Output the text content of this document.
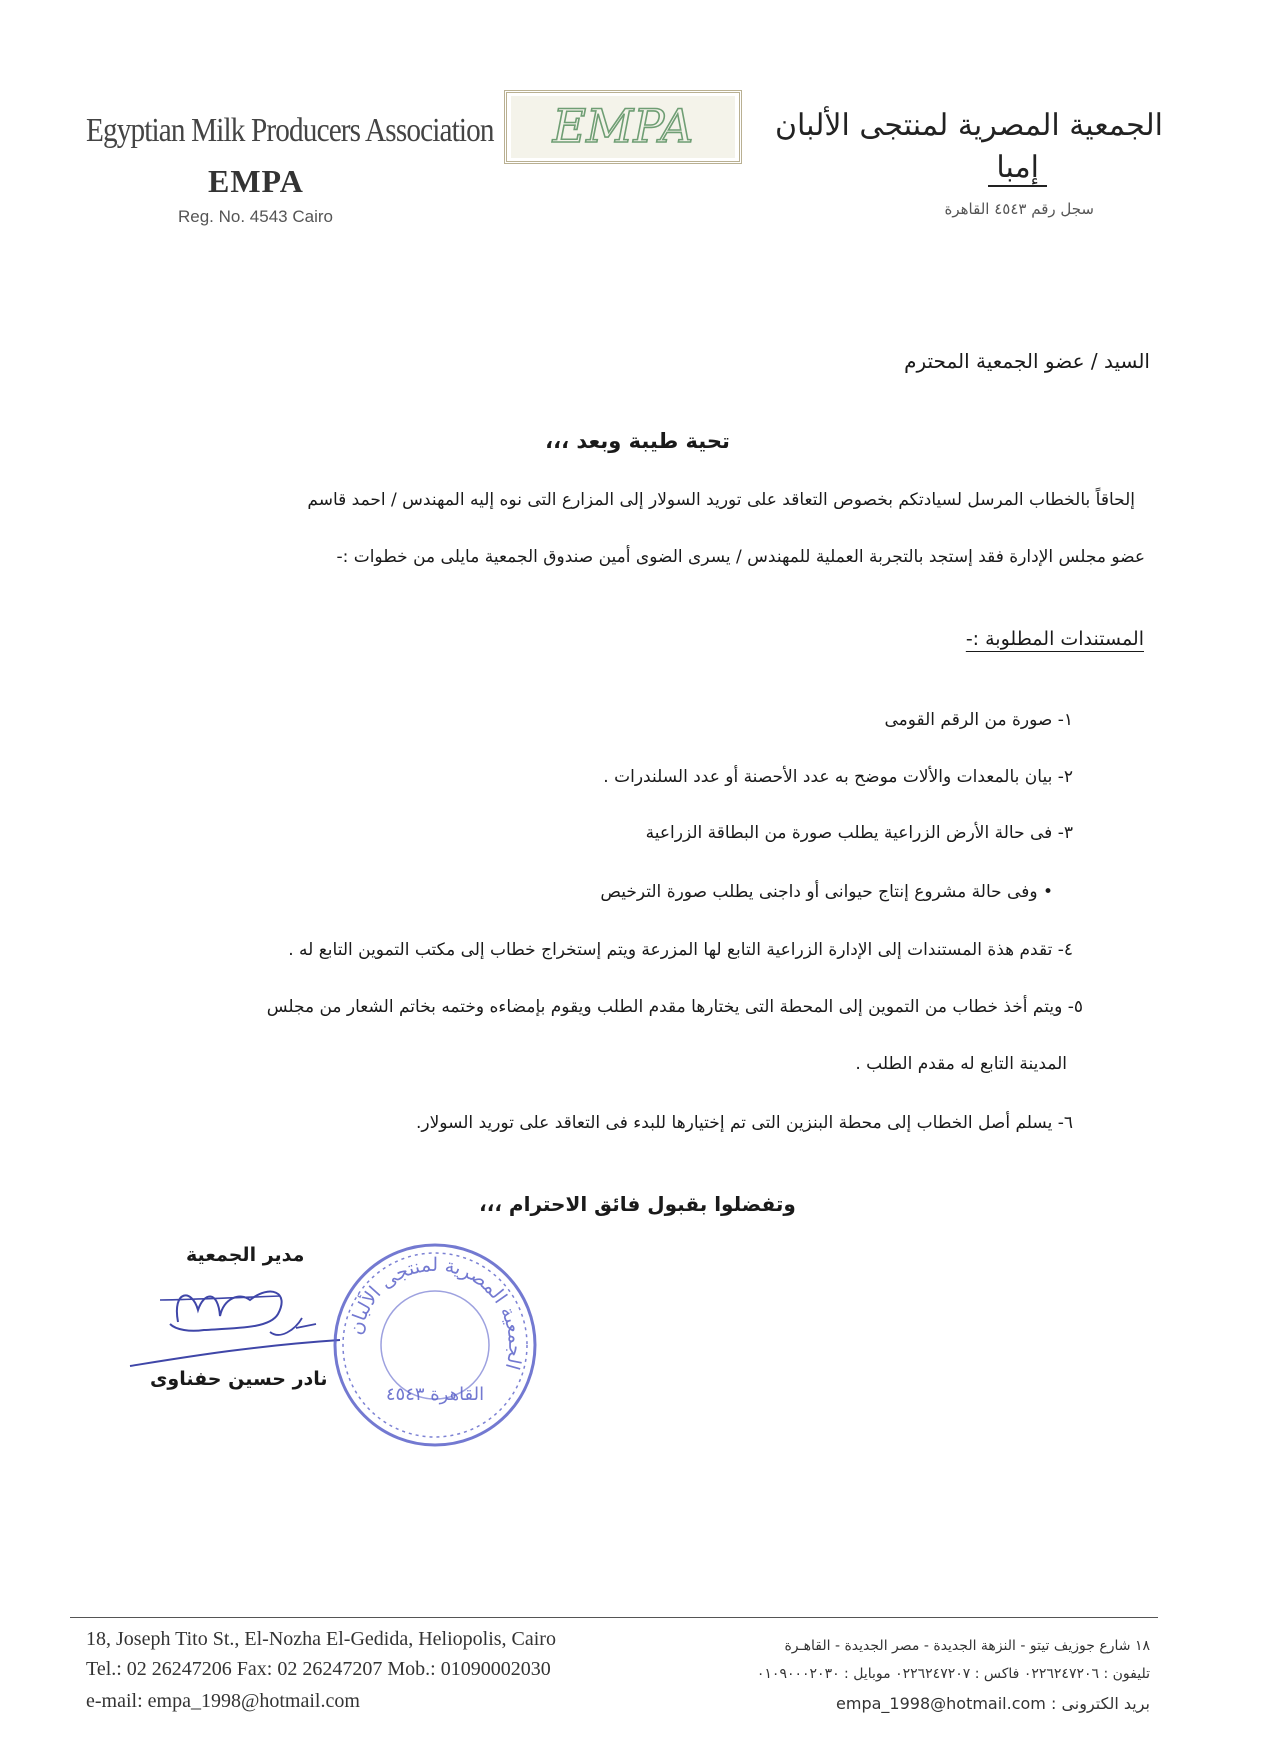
Egyptian Milk Producers Association
EMPA
Reg. No. 4543 Cairo
EMPA	الجمعية المصرية لمنتجى الألبان
إمبا
سجل رقم ٤٥٤٣ القاهرة
السيد / عضو الجمعية المحترم
تحية طيبة وبعد ،،،
إلحاقاً بالخطاب المرسل لسيادتكم بخصوص التعاقد على توريد السولار إلى المزارع التى نوه إليه المهندس / احمد قاسم
عضو مجلس الإدارة فقد إستجد بالتجربة العملية للمهندس / يسرى الضوى أمين صندوق الجمعية مايلى من خطوات :-
المستندات المطلوبة :-
١- صورة من الرقم القومى
٢- بيان بالمعدات والألات موضح به عدد الأحصنة أو عدد السلندرات .
٣- فى حالة الأرض الزراعية يطلب صورة من البطاقة الزراعية
• وفى حالة مشروع إنتاج حيوانى أو داجنى يطلب صورة الترخيص
٤- تقدم هذة المستندات إلى الإدارة الزراعية التابع لها المزرعة ويتم إستخراج خطاب إلى مكتب التموين التابع له .
٥- ويتم أخذ خطاب من التموين إلى المحطة التى يختارها مقدم الطلب ويقوم بإمضاءه وختمه بخاتم الشعار من مجلس
المدينة التابع له مقدم الطلب .
٦- يسلم أصل الخطاب إلى محطة البنزين التى تم إختيارها للبدء فى التعاقد على توريد السولار.
وتفضلوا بقبول فائق الاحترام ،،،
مدير الجمعية
نادر حسين حفناوى
الجمعية المصرية لمنتجى الألبان
القاهرة ٤٥٤٣
18, Joseph Tito St., El-Nozha El-Gedida, Heliopolis, Cairo
Tel.: 02 26247206 Fax: 02 26247207 Mob.: 01090002030
e-mail: empa_1998@hotmail.com
١٨ شارع جوزيف تيتو - النزهة الجديدة - مصر الجديدة - القاهـرة
تليفون : ٠٢٢٦٢٤٧٢٠٦ فاكس : ٠٢٢٦٢٤٧٢٠٧ موبايل : ٠١٠٩٠٠٠٢٠٣٠
بريد الكترونى : empa_1998@hotmail.com
